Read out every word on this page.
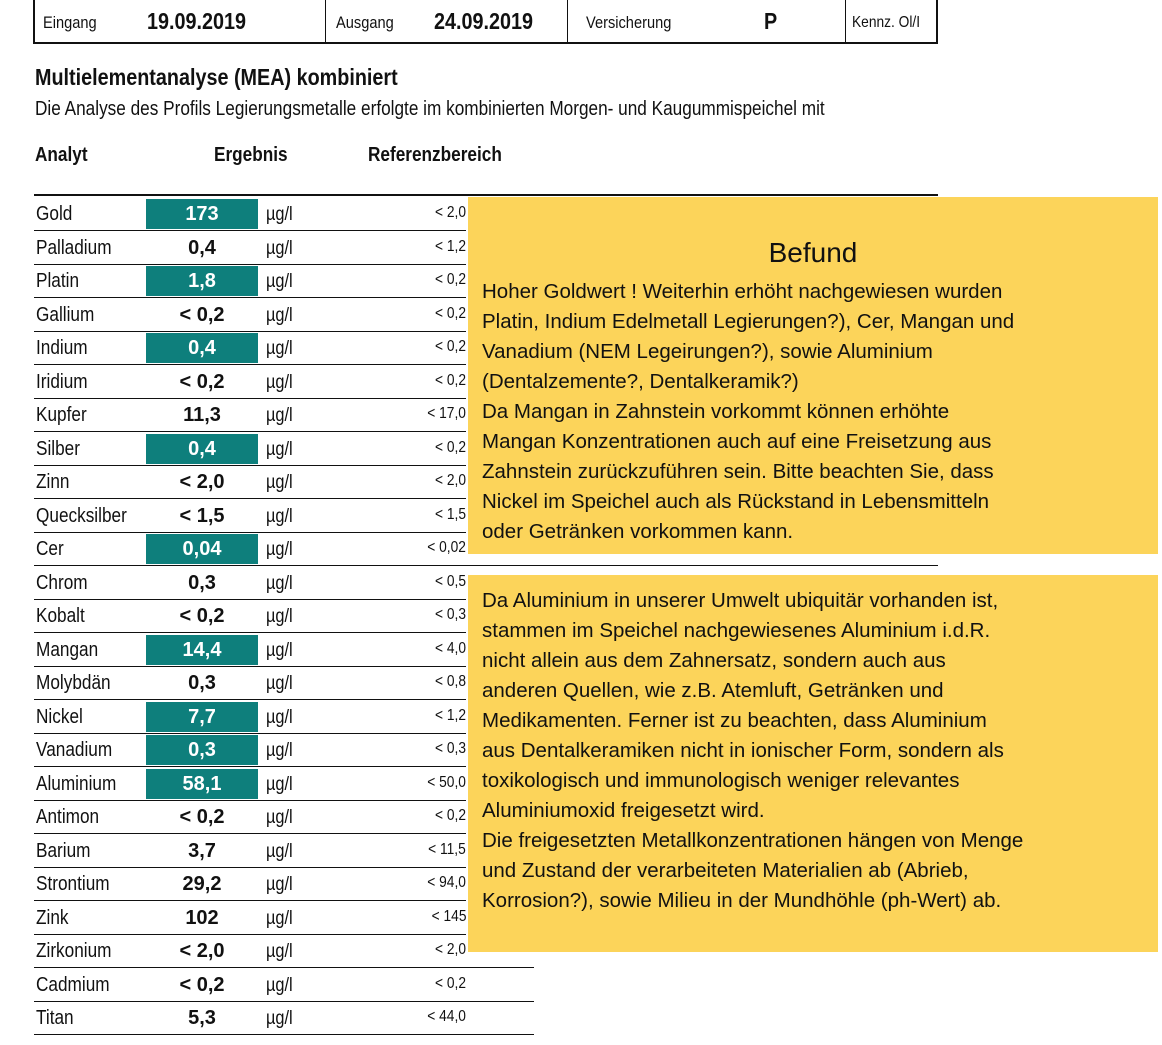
Eingang 19.09.2019	Ausgang 24.09.2019	Versicherung	P	Kennz. Ol/I
Multielementanalyse (MEA) kombiniert
Die Analyse des Profils Legierungsmetalle erfolgte im kombinierten Morgen- und Kaugummispeichel mit
Analyt	Ergebnis	Referenzbereich
Gold	173	µg/l	< 2,0
Palladium	0,4	µg/l	< 1,2
Platin	1,8	µg/l	< 0,2
Gallium	< 0,2	µg/l	< 0,2
Indium	0,4	µg/l	< 0,2
Iridium	< 0,2	µg/l	< 0,2
Kupfer	11,3	µg/l	< 17,0
Silber	0,4	µg/l	< 0,2
Zinn	< 2,0	µg/l	< 2,0
Quecksilber	< 1,5	µg/l	< 1,5
Cer	0,04	µg/l	< 0,02
Chrom	0,3	µg/l	< 0,5
Kobalt	< 0,2	µg/l	< 0,3
Mangan	14,4	µg/l	< 4,0
Molybdän	0,3	µg/l	< 0,8
Nickel	7,7	µg/l	< 1,2
Vanadium	0,3	µg/l	< 0,3
Aluminium	58,1	µg/l	< 50,0
Antimon	< 0,2	µg/l	< 0,2
Barium	3,7	µg/l	< 11,5
Strontium	29,2	µg/l	< 94,0
Zink	102	µg/l	< 145
Zirkonium	< 2,0	µg/l	< 2,0
Cadmium	< 0,2	µg/l	< 0,2
Titan	5,3	µg/l	< 44,0
Befund
Hoher Goldwert ! Weiterhin erhöht nachgewiesen wurden
Platin, Indium Edelmetall Legierungen?), Cer, Mangan und
Vanadium (NEM Legeirungen?), sowie Aluminium
(Dentalzemente?, Dentalkeramik?)
Da Mangan in Zahnstein vorkommt können erhöhte
Mangan Konzentrationen auch auf eine Freisetzung aus
Zahnstein zurückzuführen sein. Bitte beachten Sie, dass
Nickel im Speichel auch als Rückstand in Lebensmitteln
oder Getränken vorkommen kann.
Da Aluminium in unserer Umwelt ubiquitär vorhanden ist,
stammen im Speichel nachgewiesenes Aluminium i.d.R.
nicht allein aus dem Zahnersatz, sondern auch aus
anderen Quellen, wie z.B. Atemluft, Getränken und
Medikamenten. Ferner ist zu beachten, dass Aluminium
aus Dentalkeramiken nicht in ionischer Form, sondern als
toxikologisch und immunologisch weniger relevantes
Aluminiumoxid freigesetzt wird.
Die freigesetzten Metallkonzentrationen hängen von Menge
und Zustand der verarbeiteten Materialien ab (Abrieb,
Korrosion?), sowie Milieu in der Mundhöhle (ph-Wert) ab.
